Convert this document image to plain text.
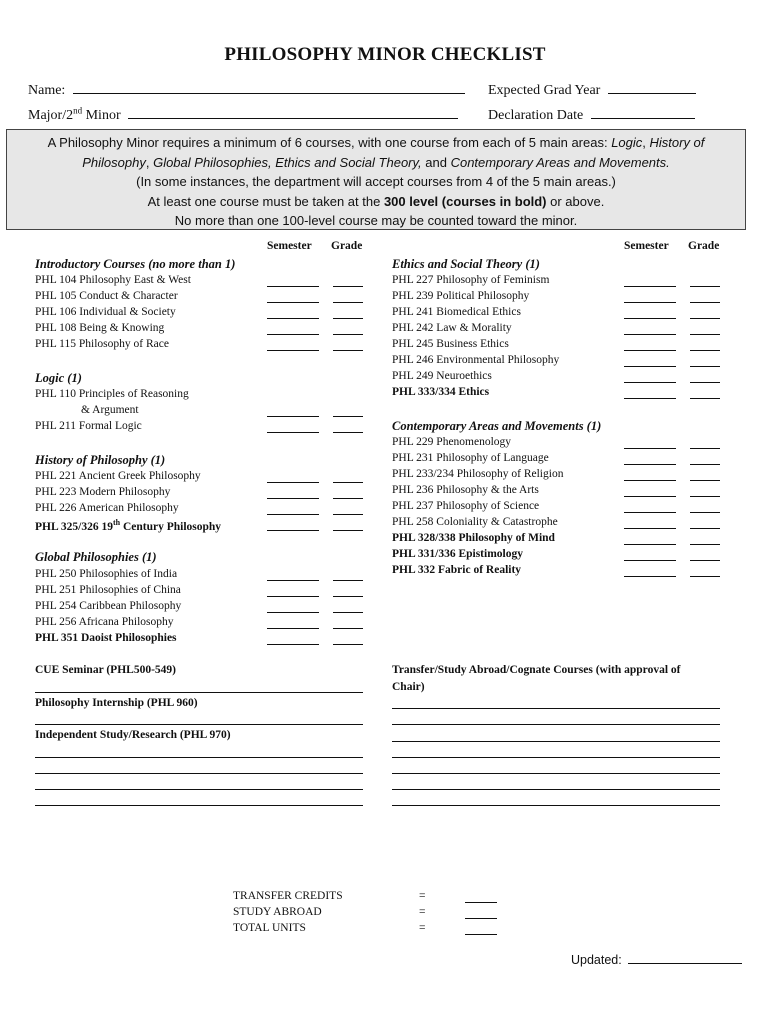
PHILOSOPHY MINOR CHECKLIST
Name:	Expected Grad Year
Major/2nd Minor	Declaration Date
A Philosophy Minor requires a minimum of 6 courses, with one course from each of 5 main areas: Logic, History of
Philosophy, Global Philosophies, Ethics and Social Theory, and Contemporary Areas and Movements.
(In some instances, the department will accept courses from 4 of the 5 main areas.)
At least one course must be taken at the 300 level (courses in bold) or above.
No more than one 100-level course may be counted toward the minor.
Semester Grade
Introductory Courses (no more than 1)
PHL 104 Philosophy East & West
PHL 105 Conduct & Character
PHL 106 Individual & Society
PHL 108 Being & Knowing
PHL 115 Philosophy of Race
Logic (1)
PHL 110 Principles of Reasoning
& Argument
PHL 211 Formal Logic
History of Philosophy (1)
PHL 221 Ancient Greek Philosophy
PHL 223 Modern Philosophy
PHL 226 American Philosophy
PHL 325/326 19th Century Philosophy
Global Philosophies (1)
PHL 250 Philosophies of India
PHL 251 Philosophies of China
PHL 254 Caribbean Philosophy
PHL 256 Africana Philosophy
PHL 351 Daoist Philosophies
Semester Grade
Ethics and Social Theory (1)
PHL 227 Philosophy of Feminism
PHL 239 Political Philosophy
PHL 241 Biomedical Ethics
PHL 242 Law & Morality
PHL 245 Business Ethics
PHL 246 Environmental Philosophy
PHL 249 Neuroethics
PHL 333/334 Ethics
Contemporary Areas and Movements (1)
PHL 229 Phenomenology
PHL 231 Philosophy of Language
PHL 233/234 Philosophy of Religion
PHL 236 Philosophy & the Arts
PHL 237 Philosophy of Science
PHL 258 Coloniality & Catastrophe
PHL 328/338 Philosophy of Mind
PHL 331/336 Epistimology
PHL 332 Fabric of Reality
CUE Seminar (PHL500-549)
Philosophy Internship (PHL 960)
Independent Study/Research (PHL 970)
Transfer/Study Abroad/Cognate Courses (with approval of
Chair)
TRANSFER CREDITS	=
STUDY ABROAD	=
TOTAL UNITS	=
Updated:
